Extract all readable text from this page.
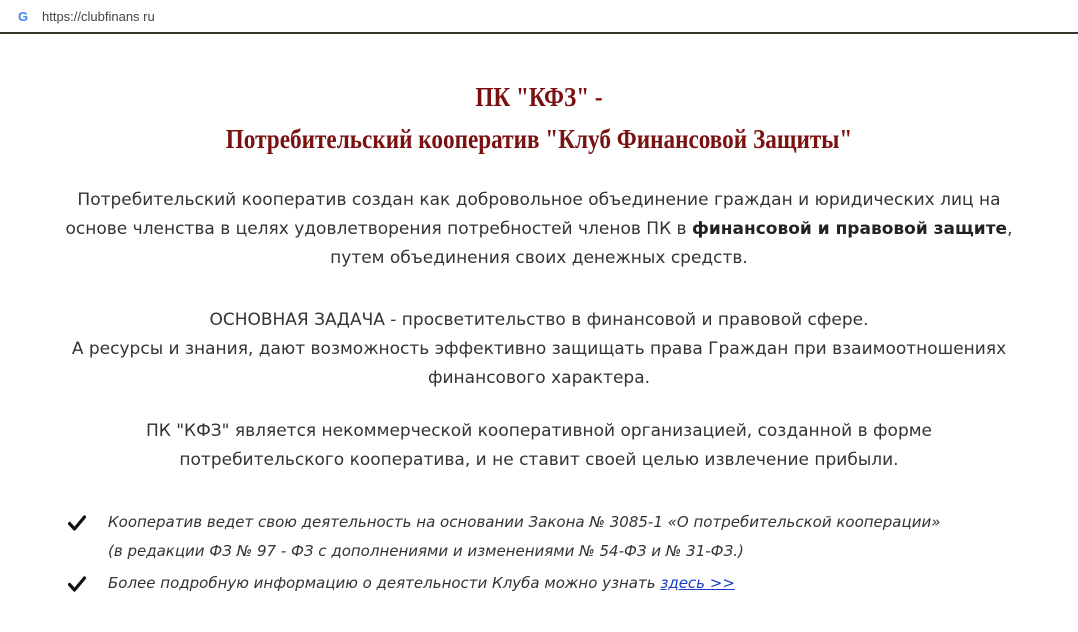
G https://clubfinans ru
ПК "КФЗ" -
Потребительский кооператив "Клуб Финансовой Защиты"
Потребительский кооператив создан как добровольное объединение граждан и юридических лиц на
основе членства в целях удовлетворения потребностей членов ПК в финансовой и правовой защите,
путем объединения своих денежных средств.
ОСНОВНАЯ ЗАДАЧА - просветительство в финансовой и правовой сфере.
А ресурсы и знания, дают возможность эффективно защищать права Граждан при взаимоотношениях
финансового характера.
ПК "КФЗ" является некоммерческой кооперативной организацией, созданной в форме
потребительского кооператива, и не ставит своей целью извлечение прибыли.
Кооператив ведет свою деятельность на основании Закона № 3085-1 «О потребительской кооперации»
(в редакции ФЗ № 97 - ФЗ с дополнениями и изменениями № 54-ФЗ и № 31-ФЗ.)
Более подробную информацию о деятельности Клуба можно узнать здесь >>
